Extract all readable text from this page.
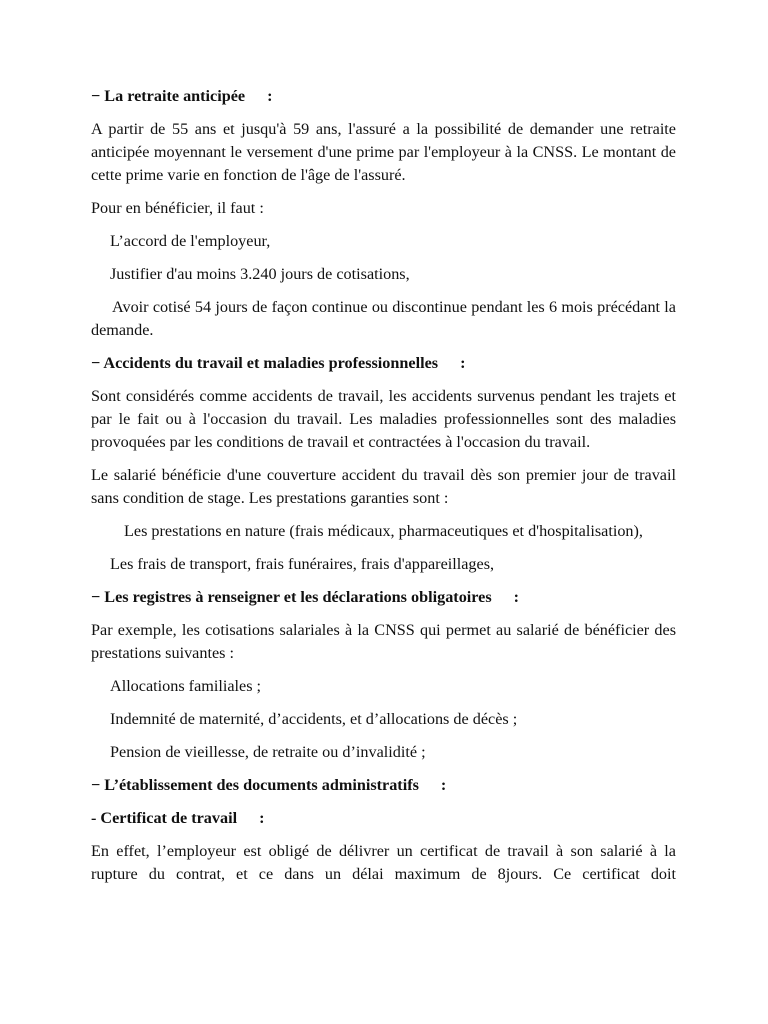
− La retraite anticipée :

A partir de 55 ans et jusqu'à 59 ans, l'assuré a la possibilité de demander une retraite anticipée moyennant le versement d'une prime par l'employeur à la CNSS. Le montant de cette prime varie en fonction de l'âge de l'assuré.

Pour en bénéficier, il faut :

L’accord de l'employeur,

Justifier d'au moins 3.240 jours de cotisations,

Avoir cotisé 54 jours de façon continue ou discontinue pendant les 6 mois précédant la demande.

− Accidents du travail et maladies professionnelles :

Sont considérés comme accidents de travail, les accidents survenus pendant les trajets et par le fait ou à l'occasion du travail. Les maladies professionnelles sont des maladies provoquées par les conditions de travail et contractées à l'occasion du travail.

Le salarié bénéficie d'une couverture accident du travail dès son premier jour de travail sans condition de stage. Les prestations garanties sont :

Les prestations en nature (frais médicaux, pharmaceutiques et d'hospitalisation),

Les frais de transport, frais funéraires, frais d'appareillages,

− Les registres à renseigner et les déclarations obligatoires :

Par exemple, les cotisations salariales à la CNSS qui permet au salarié de bénéficier des prestations suivantes :

Allocations familiales ;

Indemnité de maternité, d’accidents, et d’allocations de décès ;

Pension de vieillesse, de retraite ou d’invalidité ;

− L’établissement des documents administratifs :
- Certificat de travail :

En effet, l’employeur est obligé de délivrer un certificat de travail à son salarié à la rupture du contrat, et ce dans un délai maximum de 8jours. Ce certificat doit
